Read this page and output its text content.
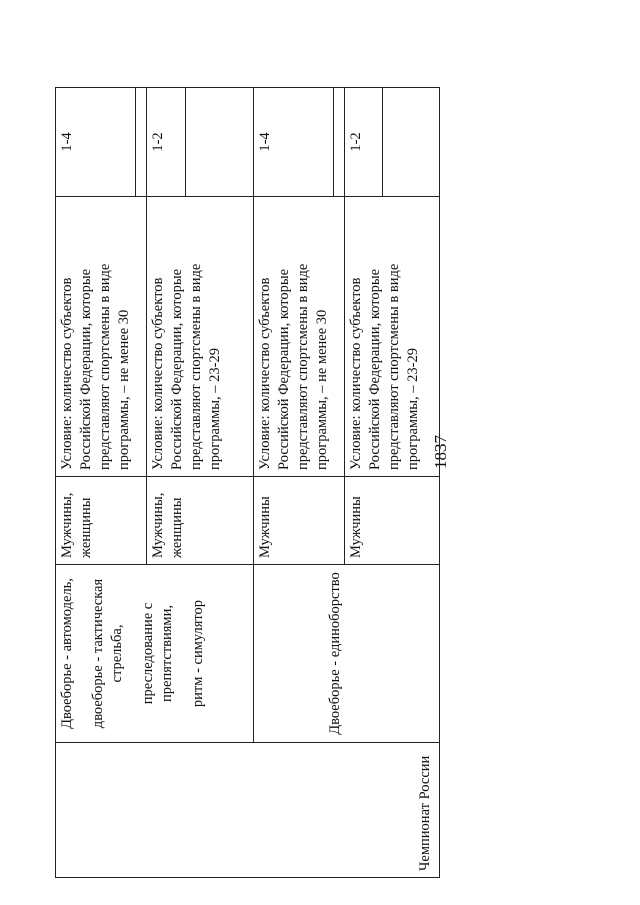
1837
Чемпионат России	Двоеборье - автомодель, двоеборье - тактическая стрельба, преследование с препятствиями, ритм - симулятор	Мужчины, женщины	Условие: количество субъектов Российской Федерации, которые представляют спортсмены в виде программы, – не менее 30	1-4

		Мужчины, женщины	Условие: количество субъектов Российской Федерации, которые представляют спортсмены в виде программы, – 23-29	1-2

	Двоеборье - единоборство	Мужчины	Условие: количество субъектов Российской Федерации, которые представляют спортсмены в виде программы, – не менее 30	1-4

		Мужчины	Условие: количество субъектов Российской Федерации, которые представляют спортсмены в виде программы, – 23-29	1-2
